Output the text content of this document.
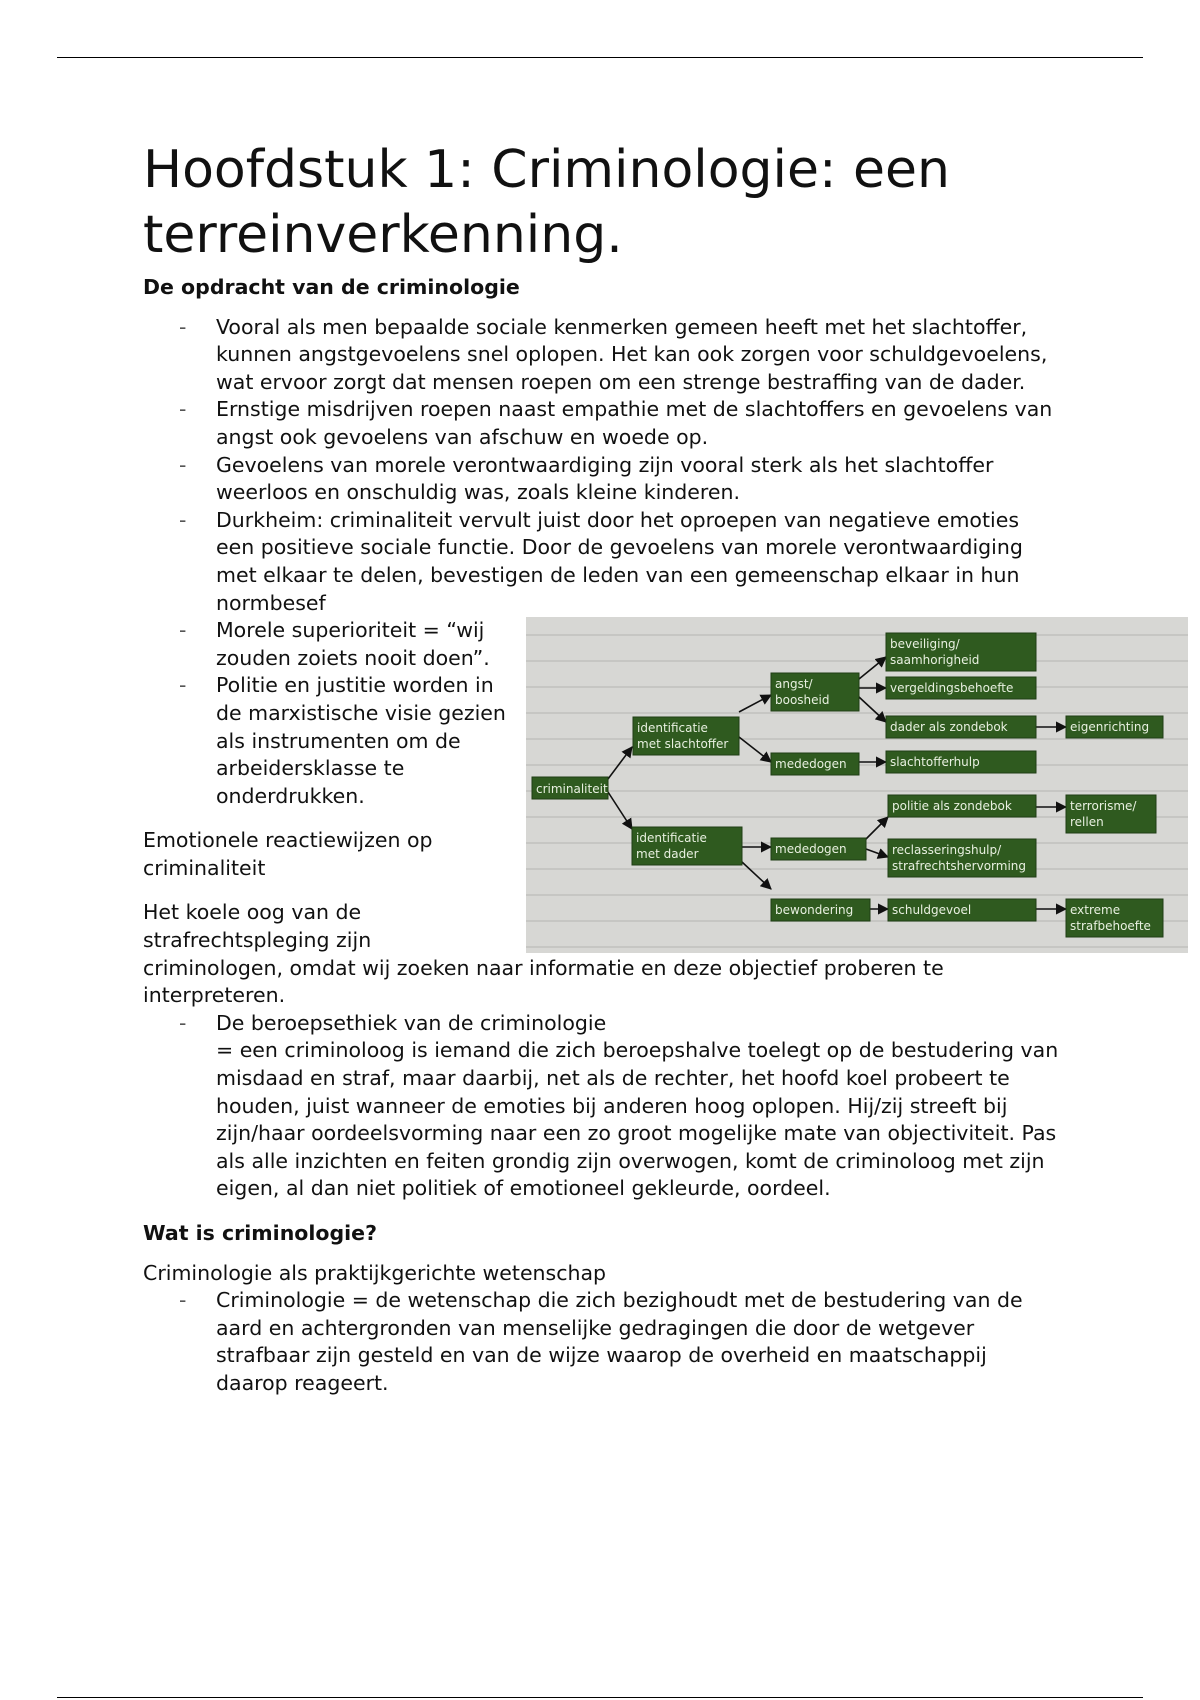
Hoofdstuk 1: Criminologie: een terreinverkenning.
De opdracht van de criminologie
- Vooral als men bepaalde sociale kenmerken gemeen heeft met het slachtoffer, kunnen angstgevoelens snel oplopen. Het kan ook zorgen voor schuldgevoelens, wat ervoor zorgt dat mensen roepen om een strenge bestraffing van de dader.
- Ernstige misdrijven roepen naast empathie met de slachtoffers en gevoelens van angst ook gevoelens van afschuw en woede op.
- Gevoelens van morele verontwaardiging zijn vooral sterk als het slachtoffer weerloos en onschuldig was, zoals kleine kinderen.
- Durkheim: criminaliteit vervult juist door het oproepen van negatieve emoties een positieve sociale functie. Door de gevoelens van morele verontwaardiging met elkaar te delen, bevestigen de leden van een gemeenschap elkaar in hun normbesef
criminaliteit
identificatie
met slachtoffer
identificatie
met dader
angst/
boosheid
mededogen
mededogen
bewondering
beveiliging/
saamhorigheid
vergeldingsbehoefte
dader als zondebok
slachtofferhulp
politie als zondebok
reclasseringshulp/
strafrechtshervorming
schuldgevoel
eigenrichting
terrorisme/
rellen
extreme
strafbehoefte
- Morele superioriteit = “wij zouden zoiets nooit doen”.
- Politie en justitie worden in de marxistische visie gezien als instrumenten om de arbeidersklasse te onderdrukken.

Emotionele reactiewijzen op criminaliteit

Het koele oog van de strafrechtspleging zijn criminologen, omdat wij zoeken naar informatie en deze objectief proberen te interpreteren.

- De beroepsethiek van de criminologie
= een criminoloog is iemand die zich beroepshalve toelegt op de bestudering van misdaad en straf, maar daarbij, net als de rechter, het hoofd koel probeert te houden, juist wanneer de emoties bij anderen hoog oplopen. Hij/zij streeft bij zijn/haar oordeelsvorming naar een zo groot mogelijke mate van objectiviteit. Pas als alle inzichten en feiten grondig zijn overwogen, komt de criminoloog met zijn eigen, al dan niet politiek of emotioneel gekleurde, oordeel.
Wat is criminologie?

Criminologie als praktijkgerichte wetenschap

- Criminologie = de wetenschap die zich bezighoudt met de bestudering van de aard en achtergronden van menselijke gedragingen die door de wetgever strafbaar zijn gesteld en van de wijze waarop de overheid en maatschappij daarop reageert.
